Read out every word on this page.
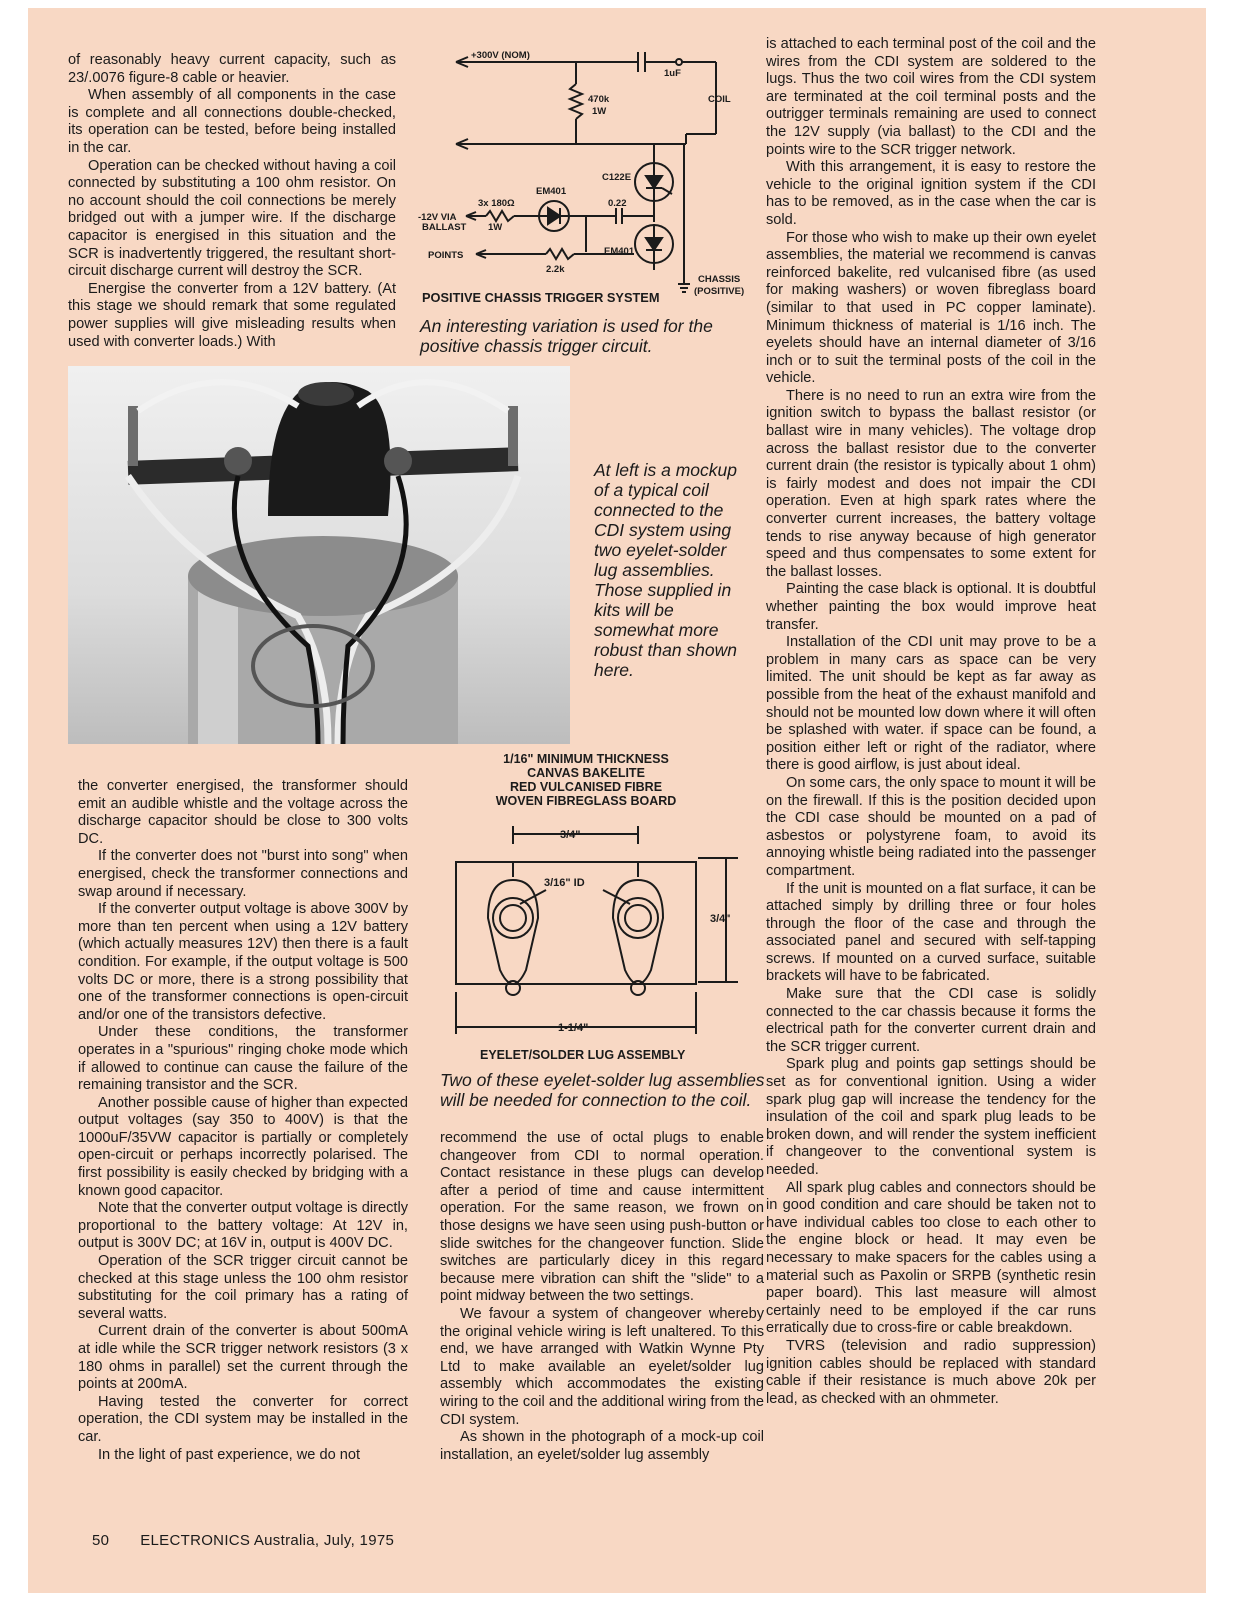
of reasonably heavy current capacity, such as 23/.0076 figure-8 cable or heavier.

When assembly of all components in the case is complete and all connections double-checked, its operation can be tested, before being installed in the car.

Operation can be checked without having a coil connected by substituting a 100 ohm resistor. On no account should the coil connections be merely bridged out with a jumper wire. If the discharge capacitor is energised in this situation and the SCR is inadvertently triggered, the resultant short-circuit discharge current will destroy the SCR.

Energise the converter from a 12V battery. (At this stage we should remark that some regulated power supplies will give misleading results when used with converter loads.) With

+300V (NOM)
1uF
COIL
470k
1W
C122E
EM401
3x 180Ω
1W
0.22
-12V VIA
BALLAST
POINTS
2.2k
EM401
CHASSIS
(POSITIVE)
POSITIVE CHASSIS TRIGGER SYSTEM
An interesting variation is used for the positive chassis trigger circuit.
At left is a mockup of a typical coil connected to the CDI system using two eyelet-solder lug assemblies. Those supplied in kits will be somewhat more robust than shown here.

the converter energised, the transformer should emit an audible whistle and the voltage across the discharge capacitor should be close to 300 volts DC.

If the converter does not "burst into song" when energised, check the transformer connections and swap around if necessary.

If the converter output voltage is above 300V by more than ten percent when using a 12V battery (which actually measures 12V) then there is a fault condition. For example, if the output voltage is 500 volts DC or more, there is a strong possibility that one of the transformer connections is open-circuit and/or one of the transistors defective.

Under these conditions, the transformer operates in a "spurious" ringing choke mode which if allowed to continue can cause the failure of the remaining transistor and the SCR.

Another possible cause of higher than expected output voltages (say 350 to 400V) is that the 1000uF/35VW capacitor is partially or completely open-circuit or perhaps incorrectly polarised. The first possibility is easily checked by bridging with a known good capacitor.

Note that the converter output voltage is directly proportional to the battery voltage: At 12V in, output is 300V DC; at 16V in, output is 400V DC.

Operation of the SCR trigger circuit cannot be checked at this stage unless the 100 ohm resistor substituting for the coil primary has a rating of several watts.

Current drain of the converter is about 500mA at idle while the SCR trigger network resistors (3 x 180 ohms in parallel) set the current through the points at 200mA.

Having tested the converter for correct operation, the CDI system may be installed in the car.

In the light of past experience, we do not

1/16" MINIMUM THICKNESS
CANVAS BAKELITE
RED VULCANISED FIBRE
WOVEN FIBREGLASS BOARD
3/4"
3/16" ID
3/4"
1-1/4"
EYELET/SOLDER LUG ASSEMBLY
Two of these eyelet-solder lug assemblies will be needed for connection to the coil.

recommend the use of octal plugs to enable changeover from CDI to normal operation. Contact resistance in these plugs can develop after a period of time and cause intermittent operation. For the same reason, we frown on those designs we have seen using push-button or slide switches for the changeover function. Slide switches are particularly dicey in this regard because mere vibration can shift the "slide" to a point midway between the two settings.

We favour a system of changeover whereby the original vehicle wiring is left unaltered. To this end, we have arranged with Watkin Wynne Pty Ltd to make available an eyelet/solder lug assembly which accommodates the existing wiring to the coil and the additional wiring from the CDI system.

As shown in the photograph of a mock-up coil installation, an eyelet/solder lug assembly

is attached to each terminal post of the coil and the wires from the CDI system are soldered to the lugs. Thus the two coil wires from the CDI system are terminated at the coil terminal posts and the outrigger terminals remaining are used to connect the 12V supply (via ballast) to the CDI and the points wire to the SCR trigger network.

With this arrangement, it is easy to restore the vehicle to the original ignition system if the CDI has to be removed, as in the case when the car is sold.

For those who wish to make up their own eyelet assemblies, the material we recommend is canvas reinforced bakelite, red vulcanised fibre (as used for making washers) or woven fibreglass board (similar to that used in PC copper laminate). Minimum thickness of material is 1/16 inch. The eyelets should have an internal diameter of 3/16 inch or to suit the terminal posts of the coil in the vehicle.

There is no need to run an extra wire from the ignition switch to bypass the ballast resistor (or ballast wire in many vehicles). The voltage drop across the ballast resistor due to the converter current drain (the resistor is typically about 1 ohm) is fairly modest and does not impair the CDI operation. Even at high spark rates where the converter current increases, the battery voltage tends to rise anyway because of high generator speed and thus compensates to some extent for the ballast losses.

Painting the case black is optional. It is doubtful whether painting the box would improve heat transfer.

Installation of the CDI unit may prove to be a problem in many cars as space can be very limited. The unit should be kept as far away as possible from the heat of the exhaust manifold and should not be mounted low down where it will often be splashed with water. if space can be found, a position either left or right of the radiator, where there is good airflow, is just about ideal.

On some cars, the only space to mount it will be on the firewall. If this is the position decided upon the CDI case should be mounted on a pad of asbestos or polystyrene foam, to avoid its annoying whistle being radiated into the passenger compartment.

If the unit is mounted on a flat surface, it can be attached simply by drilling three or four holes through the floor of the case and through the associated panel and secured with self-tapping screws. If mounted on a curved surface, suitable brackets will have to be fabricated.

Make sure that the CDI case is solidly connected to the car chassis because it forms the electrical path for the converter current drain and the SCR trigger current.

Spark plug and points gap settings should be set as for conventional ignition. Using a wider spark plug gap will increase the tendency for the insulation of the coil and spark plug leads to be broken down, and will render the system inefficient if changeover to the conventional system is needed.

All spark plug cables and connectors should be in good condition and care should be taken not to have individual cables too close to each other to the engine block or head. It may even be necessary to make spacers for the cables using a material such as Paxolin or SRPB (synthetic resin paper board). This last measure will almost certainly need to be employed if the car runs erratically due to cross-fire or cable breakdown.

TVRS (television and radio suppression) ignition cables should be replaced with standard cable if their resistance is much above 20k per lead, as checked with an ohmmeter.

50 ELECTRONICS Australia, July, 1975
